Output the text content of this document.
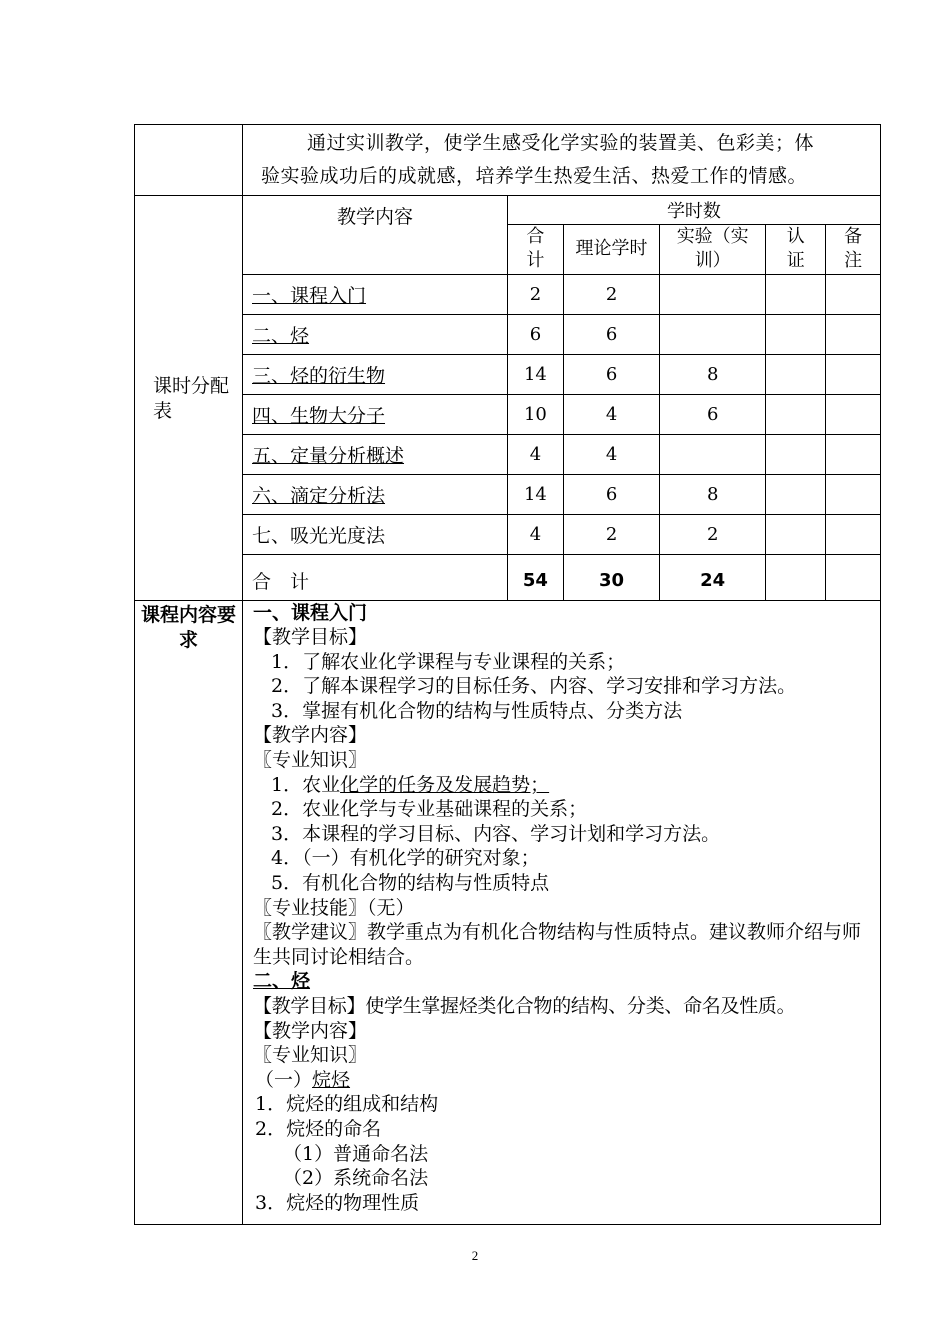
通过实训教学，使学生感受化学实验的装置美、色彩美；体
验实验成功后的成就感，培养学生热爱生活、热爱工作的情感。

课时分配表

教学内容	学时数
合计	理论学时	实验（实训）	认证	备注
一、课程入门	2	2			
二、烃	6	6			
三、烃的衍生物	14	6	8		
四、生物大分子	10	4	6		
五、定量分析概述	4	4			
六、滴定分析法	14	6	8		
七、吸光光度法	4	2	2		
合　计	54	30	24		

课程内容要求

一、课程入门
【教学目标】
1．了解农业化学课程与专业课程的关系；
2．了解本课程学习的目标任务、内容、学习安排和学习方法。
3．掌握有机化合物的结构与性质特点、分类方法
【教学内容】
〖专业知识〗
1．农业化学的任务及发展趋势；
2．农业化学与专业基础课程的关系；
3．本课程的学习目标、内容、学习计划和学习方法。
4．（一）有机化学的研究对象；
5．有机化合物的结构与性质特点
〖专业技能〗（无）
〖教学建议〗教学重点为有机化合物结构与性质特点。建议教师介绍与师生共同讨论相结合。
二、烃
【教学目标】使学生掌握烃类化合物的结构、分类、命名及性质。
【教学内容】
〖专业知识〗
（一）烷烃
1．烷烃的组成和结构
2．烷烃的命名
（1）普通命名法
（2）系统命名法
3．烷烃的物理性质
2
